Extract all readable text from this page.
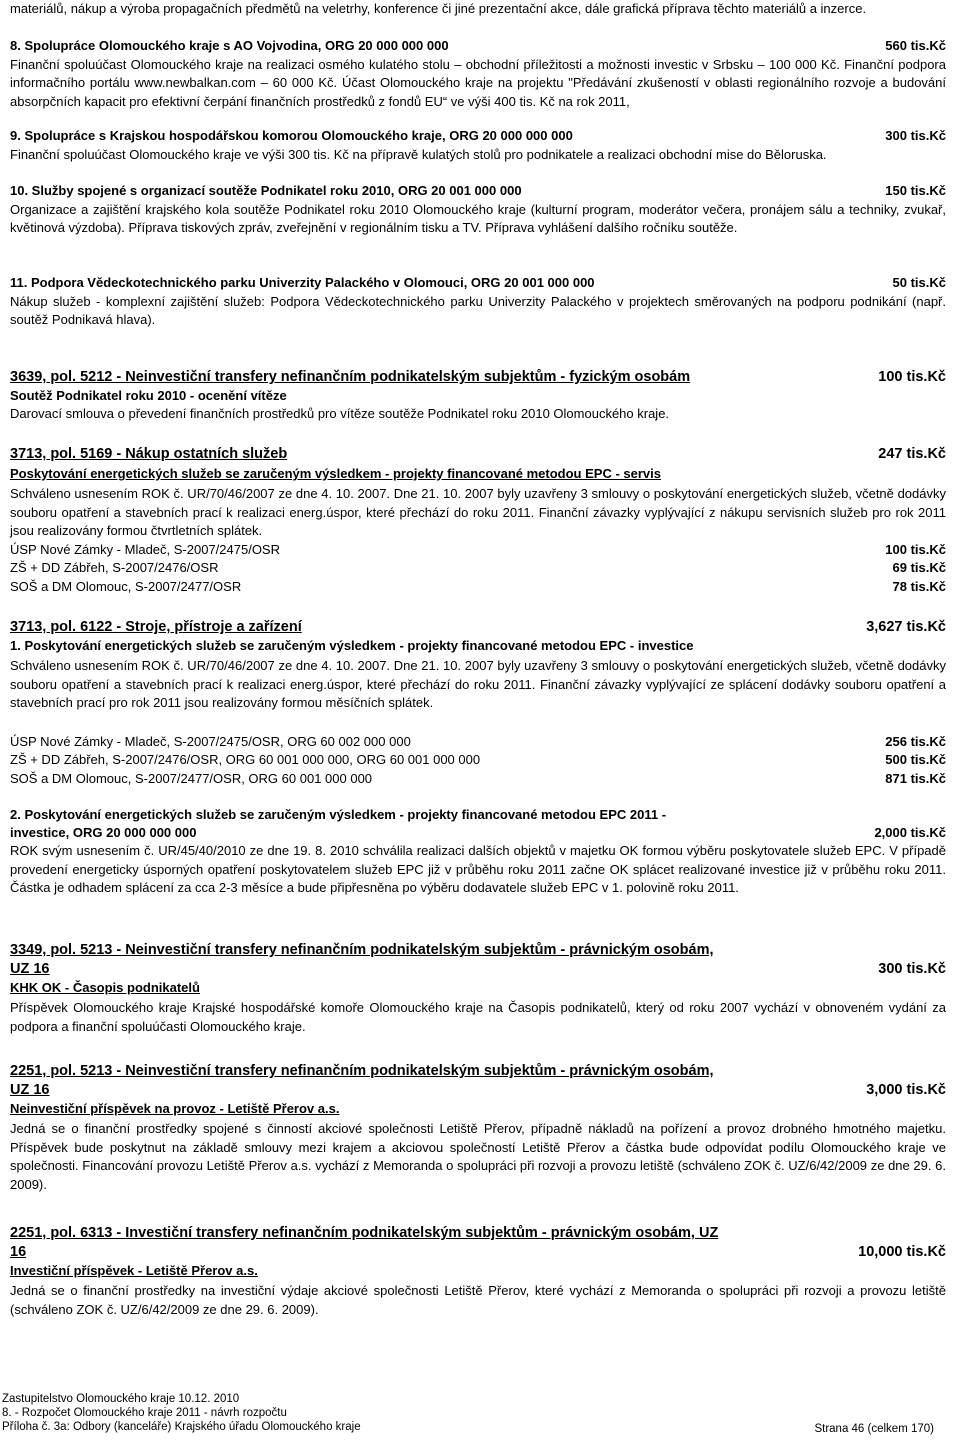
materiálů, nákup a výroba propagačních předmětů na veletrhy, konference či jiné prezentační akce, dále grafická příprava těchto materiálů a inzerce.

8. Spolupráce Olomouckého kraje s AO Vojvodina, ORG 20 000 000 000	560 tis.Kč

Finanční spoluúčast Olomouckého kraje na realizaci osmého kulatého stolu – obchodní příležitosti a možnosti investic v Srbsku – 100 000 Kč. Finanční podpora informačního portálu www.newbalkan.com – 60 000 Kč. Účast Olomouckého kraje na projektu "Předávání zkušeností v oblasti regionálního rozvoje a budování absorpčních kapacit pro efektivní čerpání finančních prostředků z fondů EU“ ve výši 400 tis. Kč na rok 2011,

9. Spolupráce s Krajskou hospodářskou komorou Olomouckého kraje, ORG 20 000 000 000	300 tis.Kč

Finanční spoluúčast Olomouckého kraje ve výši 300 tis. Kč na přípravě kulatých stolů pro podnikatele a realizaci obchodní mise do Běloruska.

10. Služby spojené s organizací soutěže Podnikatel roku 2010, ORG 20 001 000 000	150 tis.Kč

Organizace a zajištění krajského kola soutěže Podnikatel roku 2010 Olomouckého kraje (kulturní program, moderátor večera, pronájem sálu a techniky, zvukař, květinová výzdoba). Příprava tiskových zpráv, zveřejnění v regionálním tisku a TV. Příprava vyhlášení dalšího ročníku soutěže.

11. Podpora Vědeckotechnického parku Univerzity Palackého v Olomouci, ORG 20 001 000 000	50 tis.Kč

Nákup služeb - komplexní zajištění služeb: Podpora Vědeckotechnického parku Univerzity Palackého v projektech směrovaných na podporu podnikání (např. soutěž Podnikavá hlava).

3639, pol. 5212 - Neinvestiční transfery nefinančním podnikatelským subjektům - fyzickým osobám	100 tis.Kč
Soutěž Podnikatel roku 2010 - ocenění vítěze

Darovací smlouva o převedení finančních prostředků pro vítěze soutěže Podnikatel roku 2010 Olomouckého kraje.

3713, pol. 5169 - Nákup ostatních služeb	247 tis.Kč
Poskytování energetických služeb se zaručeným výsledkem - projekty financované metodou EPC - servis

Schváleno usnesením ROK č. UR/70/46/2007 ze dne 4. 10. 2007. Dne 21. 10. 2007 byly uzavřeny 3 smlouvy o poskytování energetických služeb, včetně dodávky souboru opatření a stavebních prací k realizaci energ.úspor, které přechází do roku 2011. Finanční závazky vyplývající z nákupu servisních služeb pro rok 2011 jsou realizovány formou čtvrtletních splátek.

ÚSP Nové Zámky - Mladeč, S-2007/2475/OSR	100 tis.Kč
ZŠ + DD Zábřeh, S-2007/2476/OSR	69 tis.Kč
SOŠ a DM Olomouc, S-2007/2477/OSR	78 tis.Kč
3713, pol. 6122 - Stroje, přístroje a zařízení	3,627 tis.Kč
1. Poskytování energetických služeb se zaručeným výsledkem - projekty financované metodou EPC - investice

Schváleno usnesením ROK č. UR/70/46/2007 ze dne 4. 10. 2007. Dne 21. 10. 2007 byly uzavřeny 3 smlouvy o poskytování energetických služeb, včetně dodávky souboru opatření a stavebních prací k realizaci energ.úspor, které přechází do roku 2011. Finanční závazky vyplývající ze splácení dodávky souboru opatření a stavebních prací pro rok 2011 jsou realizovány formou měsíčních splátek.

ÚSP Nové Zámky - Mladeč, S-2007/2475/OSR, ORG 60 002 000 000	256 tis.Kč
ZŠ + DD Zábřeh, S-2007/2476/OSR, ORG 60 001 000 000, ORG 60 001 000 000	500 tis.Kč
SOŠ a DM Olomouc, S-2007/2477/OSR, ORG 60 001 000 000	871 tis.Kč
2. Poskytování energetických služeb se zaručeným výsledkem - projekty financované metodou EPC 2011 -
investice, ORG 20 000 000 000	2,000 tis.Kč

ROK svým usnesením č. UR/45/40/2010 ze dne 19. 8. 2010 schválila realizaci dalších objektů v majetku OK formou výběru poskytovatele služeb EPC. V případě provedení energeticky úsporných opatření poskytovatelem služeb EPC již v průběhu roku 2011 začne OK splácet realizované investice již v průběhu roku 2011. Částka je odhadem splácení za cca 2-3 měsíce a bude připřesněna po výběru dodavatele služeb EPC v 1. polovině roku 2011.

3349, pol. 5213 - Neinvestiční transfery nefinančním podnikatelským subjektům - právnickým osobám,
UZ 16	300 tis.Kč
KHK OK - Časopis podnikatelů

Příspěvek Olomouckého kraje Krajské hospodářské komoře Olomouckého kraje na Časopis podnikatelů, který od roku 2007 vychází v obnoveném vydání za podpora a finanční spoluúčasti Olomouckého kraje.

2251, pol. 5213 - Neinvestiční transfery nefinančním podnikatelským subjektům - právnickým osobám,
UZ 16	3,000 tis.Kč
Neinvestiční příspěvek na provoz - Letiště Přerov a.s.

Jedná se o finanční prostředky spojené s činností akciové společnosti Letiště Přerov, případně nákladů na pořízení a provoz drobného hmotného majetku. Příspěvek bude poskytnut na základě smlouvy mezi krajem a akciovou společností Letiště Přerov a částka bude odpovídat podílu Olomouckého kraje ve společnosti. Financování provozu Letiště Přerov a.s. vychází z Memoranda o spolupráci při rozvoji a provozu letiště (schváleno ZOK č. UZ/6/42/2009 ze dne 29. 6. 2009).

2251, pol. 6313 - Investiční transfery nefinančním podnikatelským subjektům - právnickým osobám, UZ
16	10,000 tis.Kč
Investiční příspěvek - Letiště Přerov a.s.

Jedná se o finanční prostředky na investiční výdaje akciové společnosti Letiště Přerov, které vychází z Memoranda o spolupráci při rozvoji a provozu letiště (schváleno ZOK č. UZ/6/42/2009 ze dne 29. 6. 2009).

Zastupitelstvo Olomouckého kraje 10.12. 2010
8. - Rozpočet Olomouckého kraje 2011 - návrh rozpočtu
Příloha č. 3a: Odbory (kanceláře) Krajského úřadu Olomouckého kraje	Strana 46 (celkem 170)
